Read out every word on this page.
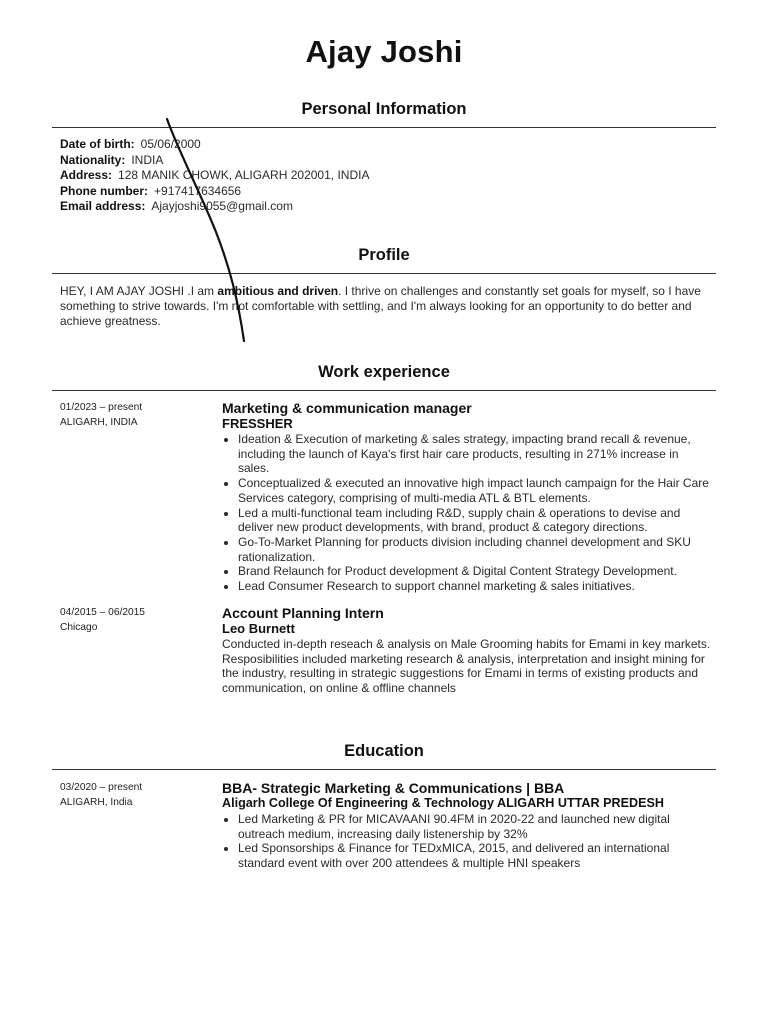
Ajay Joshi
Personal Information
Date of birth: 05/06/2000
Nationality: INDIA
Address: 128 MANIK CHOWK, ALIGARH 202001, INDIA
Phone number: +917417634656
Email address: Ajayjoshi9055@gmail.com
Profile
HEY, I AM AJAY JOSHI .I am ambitious and driven. I thrive on challenges and constantly set goals for myself, so I have something to strive towards. I'm not comfortable with settling, and I'm always looking for an opportunity to do better and achieve greatness.
Work experience
01/2023 – present
ALIGARH, INDIA
Marketing & communication manager
FRESSHER
• Ideation & Execution of marketing & sales strategy, impacting brand recall & revenue, including the launch of Kaya's first hair care products, resulting in 271% increase in sales.
• Conceptualized & executed an innovative high impact launch campaign for the Hair Care Services category, comprising of multi-media ATL & BTL elements.
• Led a multi-functional team including R&D, supply chain & operations to devise and deliver new product developments, with brand, product & category directions.
• Go-To-Market Planning for products division including channel development and SKU rationalization.
• Brand Relaunch for Product development & Digital Content Strategy Development.
• Lead Consumer Research to support channel marketing & sales initiatives.
04/2015 – 06/2015
Chicago
Account Planning Intern
Leo Burnett

Conducted in-depth reseach & analysis on Male Grooming habits for Emami in key markets.

Resposibilities included marketing research & analysis, interpretation and insight mining for the industry, resulting in strategic suggestions for Emami in terms of existing products and communication, on online & offline channels

Education
03/2020 – present
ALIGARH, India
BBA- Strategic Marketing & Communications | BBA
Aligarh College Of Engineering & Technology ALIGARH UTTAR PREDESH
• Led Marketing & PR for MICAVAANI 90.4FM in 2020-22 and launched new digital outreach medium, increasing daily listenership by 32%
• Led Sponsorships & Finance for TEDxMICA, 2015, and delivered an international standard event with over 200 attendees & multiple HNI speakers
